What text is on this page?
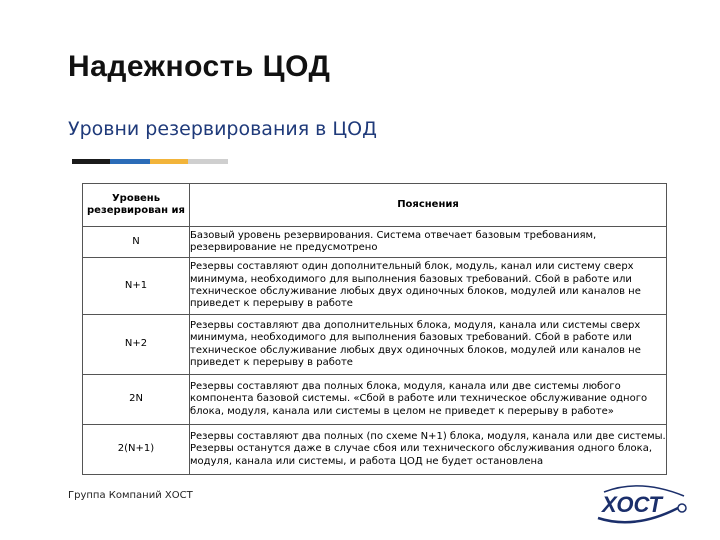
Надежность ЦОД
Уровни резервирования в ЦОД
Уровень резервирован ия	Пояснения
N	Базовый уровень резервирования. Система отвечает базовым требованиям, резервирование не предусмотрено
N+1	Резервы составляют один дополнительный блок, модуль, канал или систему сверх минимума, необходимого для выполнения базовых требований. Сбой в работе или техническое обслуживание любых двух одиночных блоков, модулей или каналов не приведет к перерыву в работе
N+2	Резервы составляют два дополнительных блока, модуля, канала или системы сверх минимума, необходимого для выполнения базовых требований. Сбой в работе или техническое обслуживание любых двух одиночных блоков, модулей или каналов не приведет к перерыву в работе
2N	Резервы составляют два полных блока, модуля, канала или две системы любого компонента базовой системы. «Сбой в работе или техническое обслуживание одного блока, модуля, канала или системы в целом не приведет к перерыву в работе»
2(N+1)	Резервы составляют два полных (по схеме N+1) блока, модуля, канала или две системы. Резервы останутся даже в случае сбоя или технического обслуживания одного блока, модуля, канала или системы, и работа ЦОД не будет остановлена
Группа Компаний ХОСТ	ХОСТ
